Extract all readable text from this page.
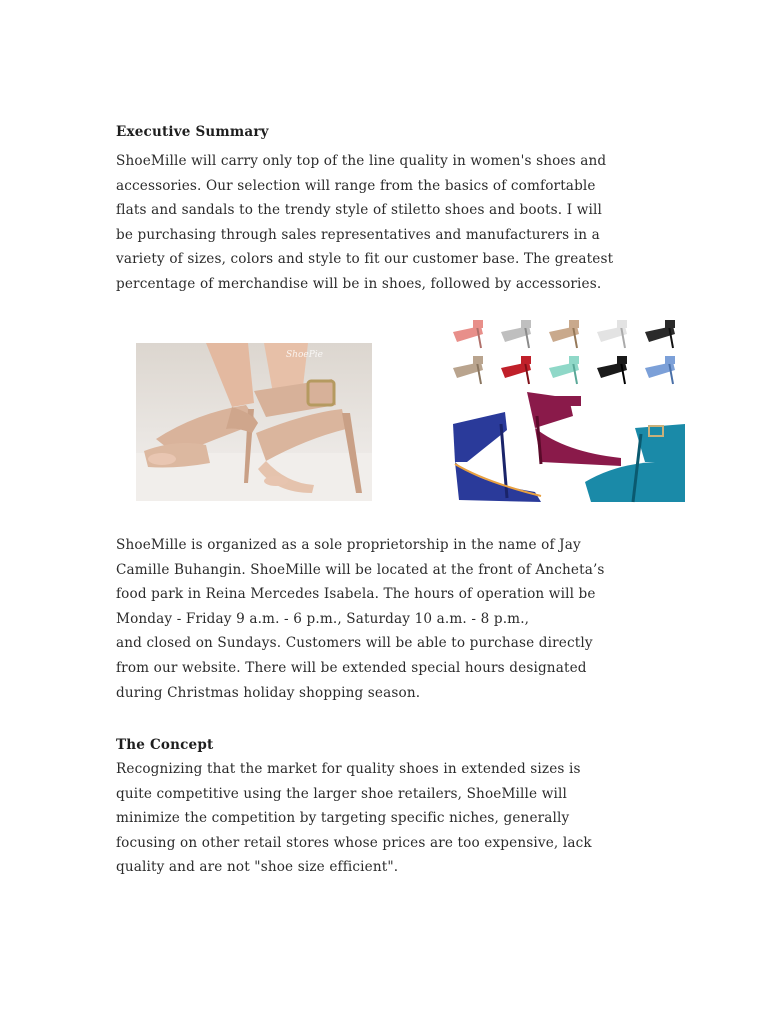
Executive Summary

ShoeMille will carry only top of the line quality in women's shoes and
accessories. Our selection will range from the basics of comfortable
flats and sandals to the trendy style of stiletto shoes and boots. I will
be purchasing through sales representatives and manufacturers in a
variety of sizes, colors and style to fit our customer base. The greatest
percentage of merchandise will be in shoes, followed by accessories.

ShoePie

ShoeMille is organized as a sole proprietorship in the name of Jay
Camille Buhangin. ShoeMille will be located at the front of Ancheta’s
food park in Reina Mercedes Isabela. The hours of operation will be
Monday - Friday 9 a.m. - 6 p.m., Saturday 10 a.m. - 8 p.m.,
and closed on Sundays. Customers will be able to purchase directly
from our website. There will be extended special hours designated
during Christmas holiday shopping season.

The Concept

Recognizing that the market for quality shoes in extended sizes is
quite competitive using the larger shoe retailers, ShoeMille will
minimize the competition by targeting specific niches, generally
focusing on other retail stores whose prices are too expensive, lack
quality and are not "shoe size efficient".
